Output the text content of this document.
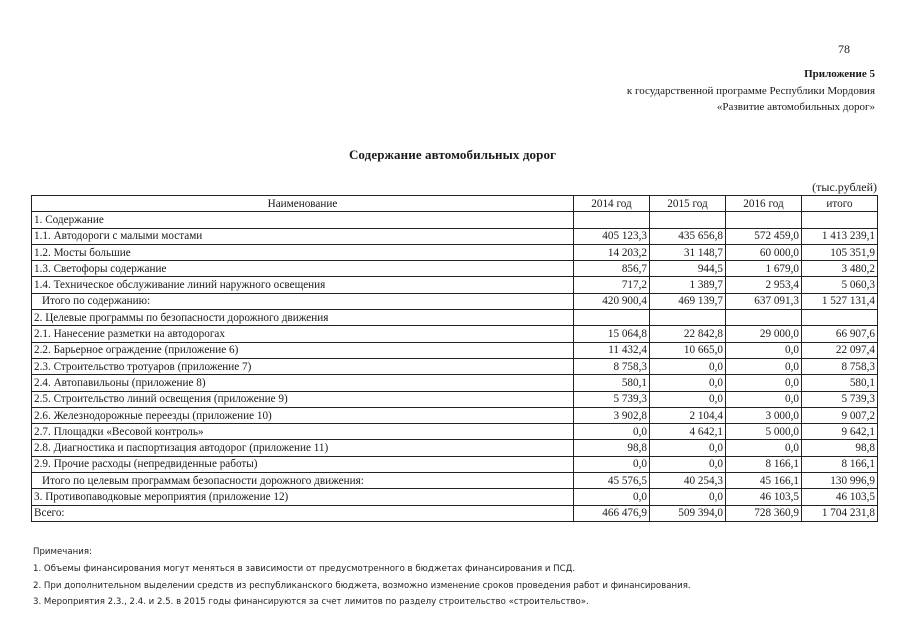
78
Приложение 5
к государственной программе Республики Мордовия
«Развитие автомобильных дорог»
Содержание автомобильных дорог
(тыс.рублей)
Наименование	2014 год	2015 год	2016 год	итого
1. Содержание				
1.1. Автодороги с малыми мостами	405 123,3	435 656,8	572 459,0	1 413 239,1
1.2. Мосты большие	14 203,2	31 148,7	60 000,0	105 351,9
1.3. Светофоры содержание	856,7	944,5	1 679,0	3 480,2
1.4. Техническое обслуживание линий наружного освещения	717,2	1 389,7	2 953,4	5 060,3
Итого по содержанию:	420 900,4	469 139,7	637 091,3	1 527 131,4
2. Целевые программы по безопасности дорожного движения				
2.1. Нанесение разметки на автодорогах	15 064,8	22 842,8	29 000,0	66 907,6
2.2. Барьерное ограждение (приложение 6)	11 432,4	10 665,0	0,0	22 097,4
2.3. Строительство тротуаров (приложение 7)	8 758,3	0,0	0,0	8 758,3
2.4. Автопавильоны (приложение 8)	580,1	0,0	0,0	580,1
2.5. Строительство линий освещения (приложение 9)	5 739,3	0,0	0,0	5 739,3
2.6. Железнодорожные переезды (приложение 10)	3 902,8	2 104,4	3 000,0	9 007,2
2.7. Площадки «Весовой контроль»	0,0	4 642,1	5 000,0	9 642,1
2.8. Диагностика и паспортизация автодорог (приложение 11)	98,8	0,0	0,0	98,8
2.9. Прочие расходы (непредвиденные работы)	0,0	0,0	8 166,1	8 166,1
Итого по целевым программам безопасности дорожного движения:	45 576,5	40 254,3	45 166,1	130 996,9
3. Противопаводковые мероприятия (приложение 12)	0,0	0,0	46 103,5	46 103,5
Всего:	466 476,9	509 394,0	728 360,9	1 704 231,8
Примечания:
1. Объемы финансирования могут меняться в зависимости от предусмотренного в бюджетах финансирования и ПСД.
2. При дополнительном выделении средств из республиканского бюджета, возможно изменение сроков проведения работ и финансирования.
3. Мероприятия 2.3., 2.4. и 2.5. в 2015 годы финансируются за счет лимитов по разделу строительство «строительство».
